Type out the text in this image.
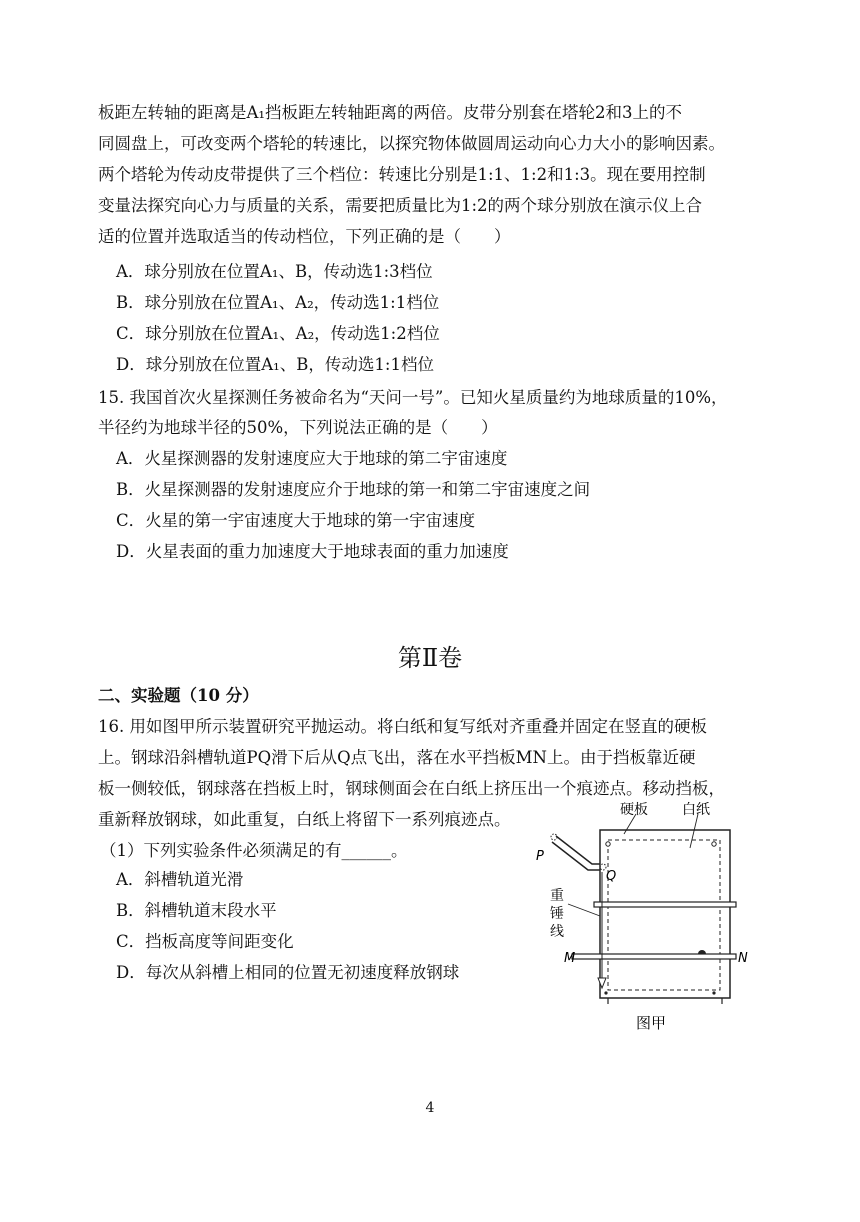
板距左转轴的距离是A₁挡板距左转轴距离的两倍。皮带分别套在塔轮2和3上的不
同圆盘上，可改变两个塔轮的转速比，以探究物体做圆周运动向心力大小的影响因素。
两个塔轮为传动皮带提供了三个档位：转速比分别是1:1、1:2和1:3。现在要用控制
变量法探究向心力与质量的关系，需要把质量比为1:2的两个球分别放在演示仪上合
适的位置并选取适当的传动档位，下列正确的是（　　）
A．球分别放在位置A₁、B，传动选1:3档位
B．球分别放在位置A₁、A₂，传动选1:1档位
C．球分别放在位置A₁、A₂，传动选1:2档位
D．球分别放在位置A₁、B，传动选1:1档位
15. 我国首次火星探测任务被命名为“天问一号”。已知火星质量约为地球质量的10%，
半径约为地球半径的50%，下列说法正确的是（　　）
A．火星探测器的发射速度应大于地球的第二宇宙速度
B．火星探测器的发射速度应介于地球的第一和第二宇宙速度之间
C．火星的第一宇宙速度大于地球的第一宇宙速度
D．火星表面的重力加速度大于地球表面的重力加速度
第Ⅱ卷
二、实验题（10 分）
16. 用如图甲所示装置研究平抛运动。将白纸和复写纸对齐重叠并固定在竖直的硬板
上。钢球沿斜槽轨道PQ滑下后从Q点飞出，落在水平挡板MN上。由于挡板靠近硬
板一侧较低，钢球落在挡板上时，钢球侧面会在白纸上挤压出一个痕迹点。移动挡板，
重新释放钢球，如此重复，白纸上将留下一系列痕迹点。
（1）下列实验条件必须满足的有______。
A．斜槽轨道光滑
B．斜槽轨道末段水平
C．挡板高度等间距变化
D．每次从斜槽上相同的位置无初速度释放钢球
硬板 白纸
P
Q
重
锤
线
M	N
图甲
4
